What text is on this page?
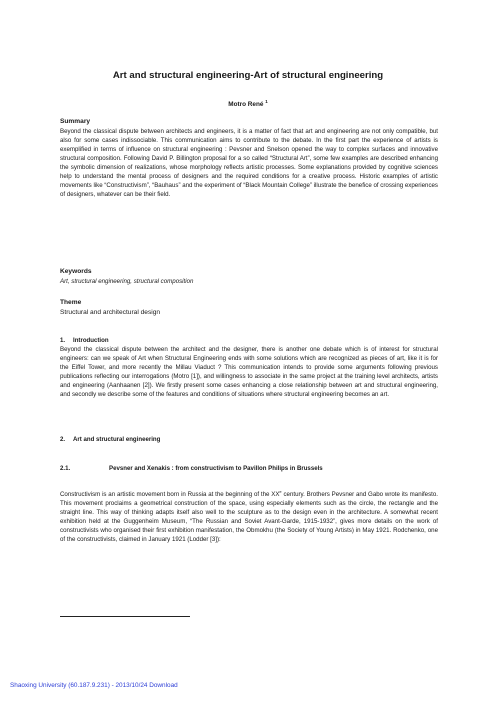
Art and structural engineering-Art of structural engineering
Motro René $^1$

Summary

Beyond the classical dispute between architects and engineers, it is a matter of fact that art and engineering are not only compatible, but also for some cases indissociable. This communication aims to contribute to the debate. In the first part the experience of artists is exemplified in terms of influence on structural engineering : Pevsner and Snelson opened the way to complex surfaces and innovative structural composition. Following David P. Billington proposal for a so called “Structural Art”, some few examples are described enhancing the symbolic dimension of realizations, whose morphology reflects artistic processes. Some explanations provided by cognitive sciences help to understand the mental process of designers and the required conditions for a creative process. Historic examples of artistic movements like “Constructivism”, “Bauhaus” and the experiment of “Black Mountain College” illustrate the benefice of crossing experiences of designers, whatever can be their field.

Keywords

Art, structural engineering, structural composition

Theme

Structural and architectural design

1. Introduction

Beyond the classical dispute between the architect and the designer, there is another one debate which is of interest for structural engineers: can we speak of Art when Structural Engineering ends with some solutions which are recognized as pieces of art, like it is for the Eiffel Tower, and more recently the Millau Viaduct ? This communication intends to provide some arguments following previous publications reflecting our interrogations (Motro [1]), and willingness to associate in the same project at the training level architects, artists and engineering (Aanhaanen [2]). We firstly present some cases enhancing a close relationship between art and structural engineering, and secondly we describe some of the features and conditions of situations where structural engineering becomes an art.

2. Art and structural engineering

2.1.	Pevsner and Xenakis : from constructivism to Pavillon Philips in Brussels

Constructivism is an artistic movement born in Russia at the beginning of the XXe century. Brothers Pevsner and Gabo wrote its manifesto. This movement proclaims a geometrical construction of the space, using especially elements such as the circle, the rectangle and the straight line. This way of thinking adapts itself also well to the sculpture as to the design even in the architecture. A somewhat recent exhibition held at the Guggenheim Museum, “The Russian and Soviet Avant-Garde, 1915-1932”, gives more details on the work of constructivists who organised their first exhibition manifestation, the Obmokhu (the Society of Young Artists) in May 1921. Rodchenko, one of the constructivists, claimed in January 1921 (Lodder [3]):

Shaoxing University (60.187.9.231) - 2013/10/24 Download
